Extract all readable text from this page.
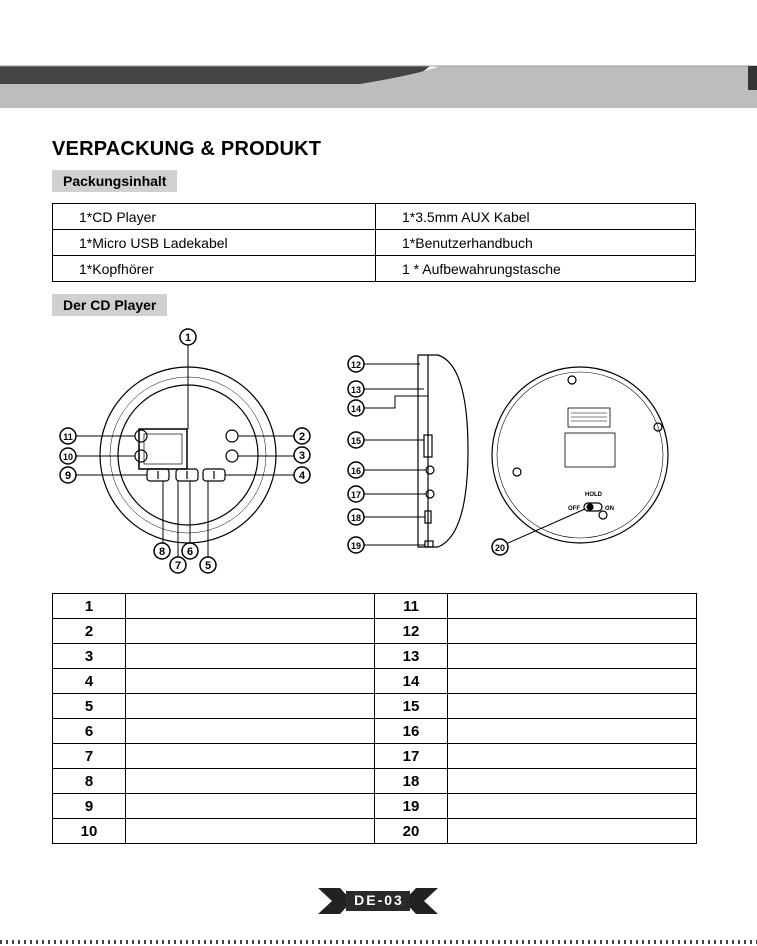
VERPACKUNG & PRODUKT
Packungsinhalt
1*CD Player	1*3.5mm AUX Kabel
1*Micro USB Ladekabel	1*Benutzerhandbuch
1*Kopfhörer	1 * Aufbewahrungstasche
Der CD Player
HOLD
OFF	ON
1
2
3
4
5
6
7
8
9
10
11
12
13
14
15
16
17
18
19	20
1		11	
2		12	
3		13	
4		14	
5		15	
6		16	
7		17	
8		18	
9		19	
10		20	
DE-03
